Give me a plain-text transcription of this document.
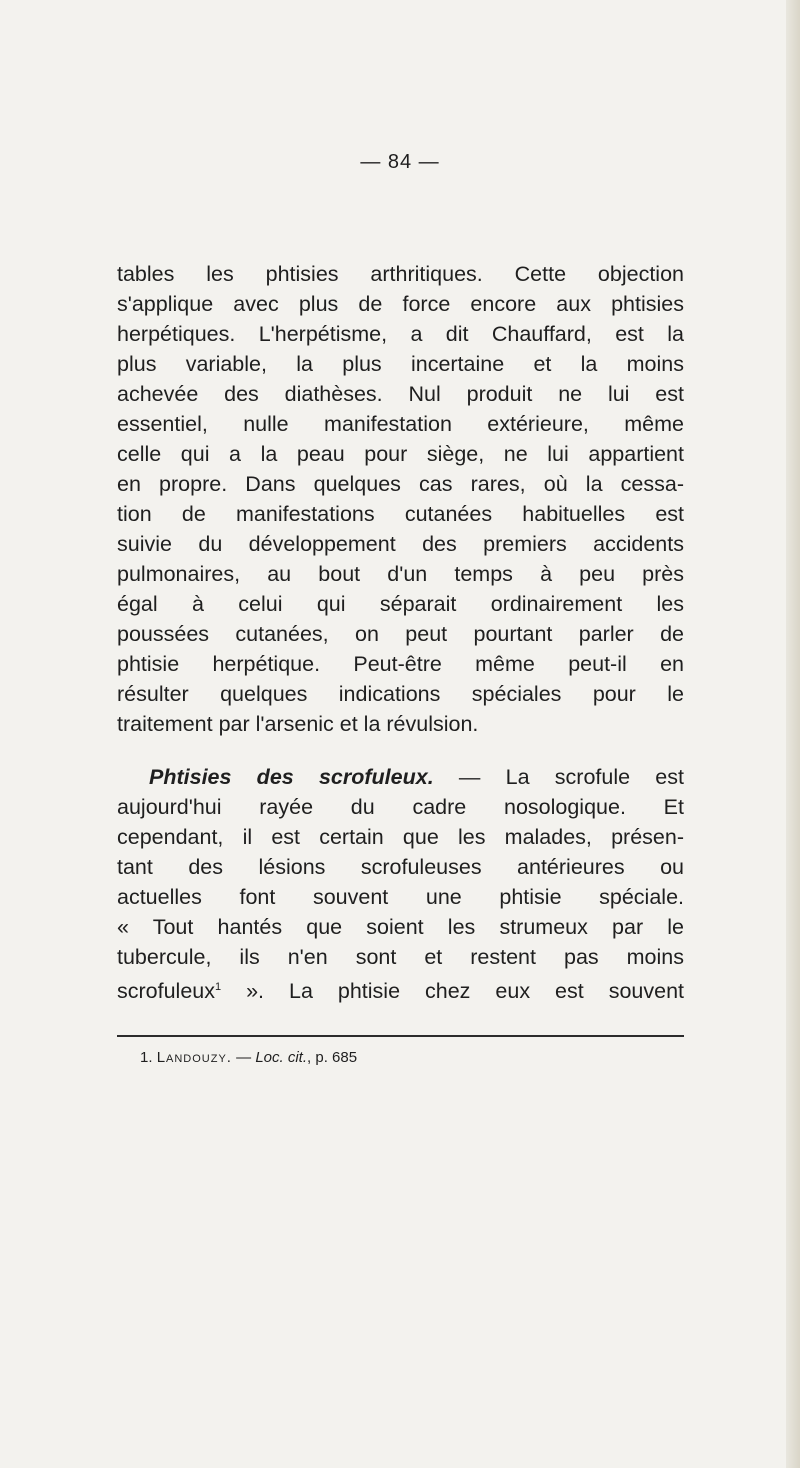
— 84 —
tables les phtisies arthritiques. Cette objection
s'applique avec plus de force encore aux phtisies
herpétiques. L'herpétisme, a dit Chauffard, est la
plus variable, la plus incertaine et la moins
achevée des diathèses. Nul produit ne lui est
essentiel, nulle manifestation extérieure, même
celle qui a la peau pour siège, ne lui appartient
en propre. Dans quelques cas rares, où la cessa-
tion de manifestations cutanées habituelles est
suivie du développement des premiers accidents
pulmonaires, au bout d'un temps à peu près
égal à celui qui séparait ordinairement les
poussées cutanées, on peut pourtant parler de
phtisie herpétique. Peut-être même peut-il en
résulter quelques indications spéciales pour le
traitement par l'arsenic et la révulsion.
Phtisies des scrofuleux. — La scrofule est
aujourd'hui rayée du cadre nosologique. Et
cependant, il est certain que les malades, présen-
tant des lésions scrofuleuses antérieures ou
actuelles font souvent une phtisie spéciale.
« Tout hantés que soient les strumeux par le
tubercule, ils n'en sont et restent pas moins
scrofuleux$^1$ ». La phtisie chez eux est souvent
1. Landouzy. — Loc. cit., p. 685
